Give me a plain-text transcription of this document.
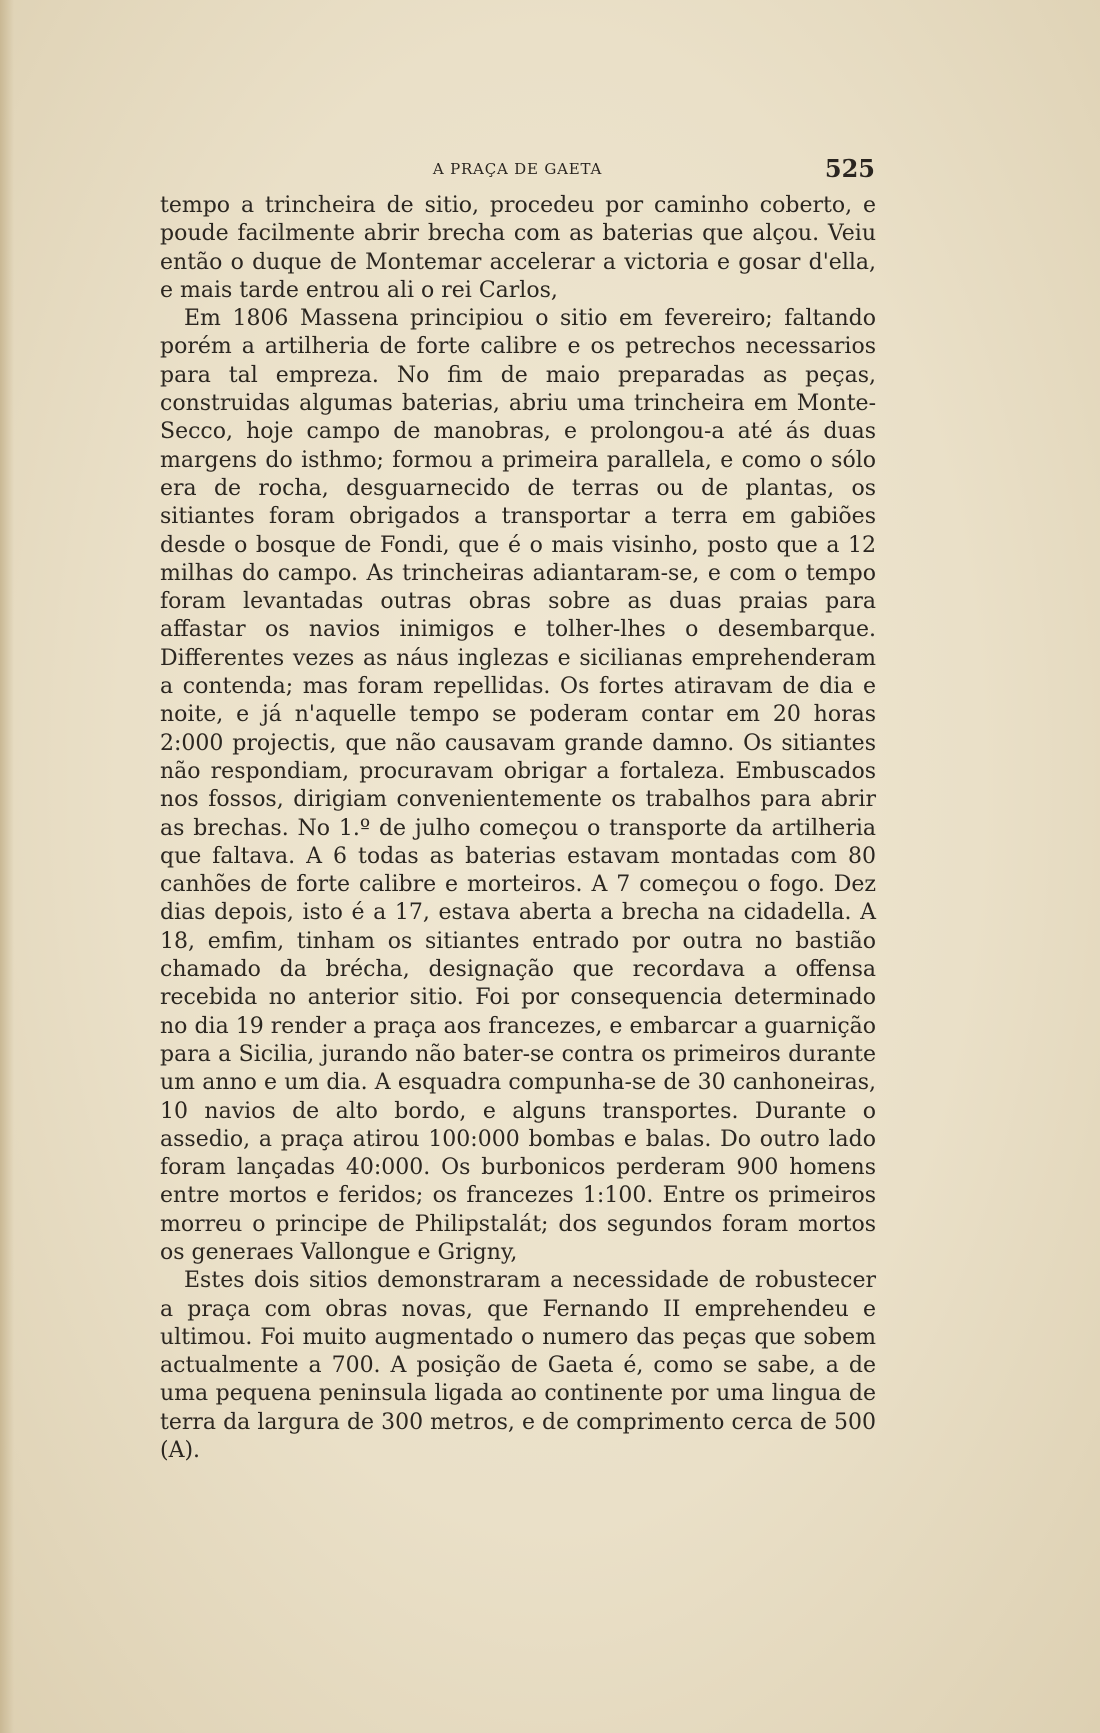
A PRAÇA DE GAETA	525

tempo a trincheira de sitio, procedeu por caminho coberto, e poude facilmente abrir brecha com as baterias que alçou. Veiu então o duque de Montemar accelerar a victoria e gosar d'ella, e mais tarde entrou ali o rei Carlos,

Em 1806 Massena principiou o sitio em fevereiro; faltando porém a artilheria de forte calibre e os petrechos necessarios para tal empreza. No fim de maio preparadas as peças, construidas algumas baterias, abriu uma trincheira em Monte-Secco, hoje campo de manobras, e prolongou-a até ás duas margens do isthmo; formou a primeira parallela, e como o sólo era de rocha, desguarnecido de terras ou de plantas, os sitiantes foram obrigados a transportar a terra em gabiões desde o bosque de Fondi, que é o mais visinho, posto que a 12 milhas do campo. As trincheiras adiantaram-se, e com o tempo foram levantadas outras obras sobre as duas praias para affastar os navios inimigos e tolher-lhes o desembarque. Differentes vezes as náus inglezas e sicilianas emprehenderam a contenda; mas foram repellidas. Os fortes atiravam de dia e noite, e já n'aquelle tempo se poderam contar em 20 horas 2:000 projectis, que não causavam grande damno. Os sitiantes não respondiam, procuravam obrigar a fortaleza. Embuscados nos fossos, dirigiam convenientemente os trabalhos para abrir as brechas. No 1.º de julho começou o transporte da artilheria que faltava. A 6 todas as baterias estavam montadas com 80 canhões de forte calibre e morteiros. A 7 começou o fogo. Dez dias depois, isto é a 17, estava aberta a brecha na cidadella. A 18, emfim, tinham os sitiantes entrado por outra no bastião chamado da brécha, designação que recordava a offensa recebida no anterior sitio. Foi por consequencia determinado no dia 19 render a praça aos francezes, e embarcar a guarnição para a Sicilia, jurando não bater-se contra os primeiros durante um anno e um dia. A esquadra compunha-se de 30 canhoneiras, 10 navios de alto bordo, e alguns transportes. Durante o assedio, a praça atirou 100:000 bombas e balas. Do outro lado foram lançadas 40:000. Os burbonicos perderam 900 homens entre mortos e feridos; os francezes 1:100. Entre os primeiros morreu o principe de Philipstalát; dos segundos foram mortos os generaes Vallongue e Grigny,

Estes dois sitios demonstraram a necessidade de robustecer a praça com obras novas, que Fernando II emprehendeu e ultimou. Foi muito augmentado o numero das peças que sobem actualmente a 700. A posição de Gaeta é, como se sabe, a de uma pequena peninsula ligada ao continente por uma lingua de terra da largura de 300 metros, e de comprimento cerca de 500 (A).
